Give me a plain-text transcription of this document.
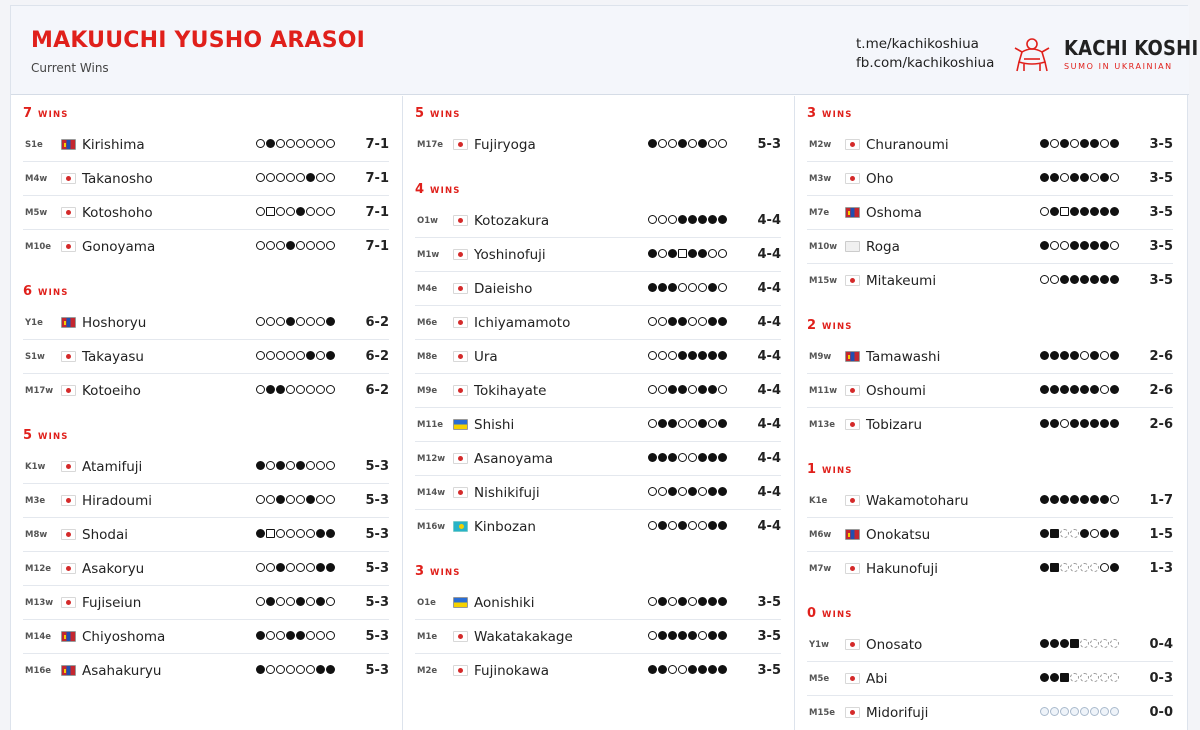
MAKUUCHI YUSHO ARASOI
Current Wins
t.me/kachikoshiua
fb.com/kachikoshiua
KACHI KOSHI
SUMO IN UKRAINIAN
7 WINS
S1e	Kirishima	7-1
M4w	Takanosho	7-1
M5w	Kotoshoho	7-1
M10e	Gonoyama	7-1
6 WINS
Y1e	Hoshoryu	6-2
S1w	Takayasu	6-2
M17w	Kotoeiho	6-2
5 WINS
K1w	Atamifuji	5-3
M3e	Hiradoumi	5-3
M8w	Shodai	5-3
M12e	Asakoryu	5-3
M13w	Fujiseiun	5-3
M14e	Chiyoshoma	5-3
M16e	Asahakuryu	5-3
5 WINS
M17e	Fujiryoga	5-3
4 WINS
O1w	Kotozakura	4-4
M1w	Yoshinofuji	4-4
M4e	Daieisho	4-4
M6e	Ichiyamamoto	4-4
M8e	Ura	4-4
M9e	Tokihayate	4-4
M11e	Shishi	4-4
M12w	Asanoyama	4-4
M14w	Nishikifuji	4-4
M16w	Kinbozan	4-4
3 WINS
O1e	Aonishiki	3-5
M1e	Wakatakakage	3-5
M2e	Fujinokawa	3-5
3 WINS
M2w	Churanoumi	3-5
M3w	Oho	3-5
M7e	Oshoma	3-5
M10w	Roga	3-5
M15w	Mitakeumi	3-5
2 WINS
M9w	Tamawashi	2-6
M11w	Oshoumi	2-6
M13e	Tobizaru	2-6
1 WINS
K1e	Wakamotoharu	1-7
M6w	Onokatsu	1-5
M7w	Hakunofuji	1-3
0 WINS
Y1w	Onosato	0-4
M5e	Abi	0-3
M15e	Midorifuji	0-0
